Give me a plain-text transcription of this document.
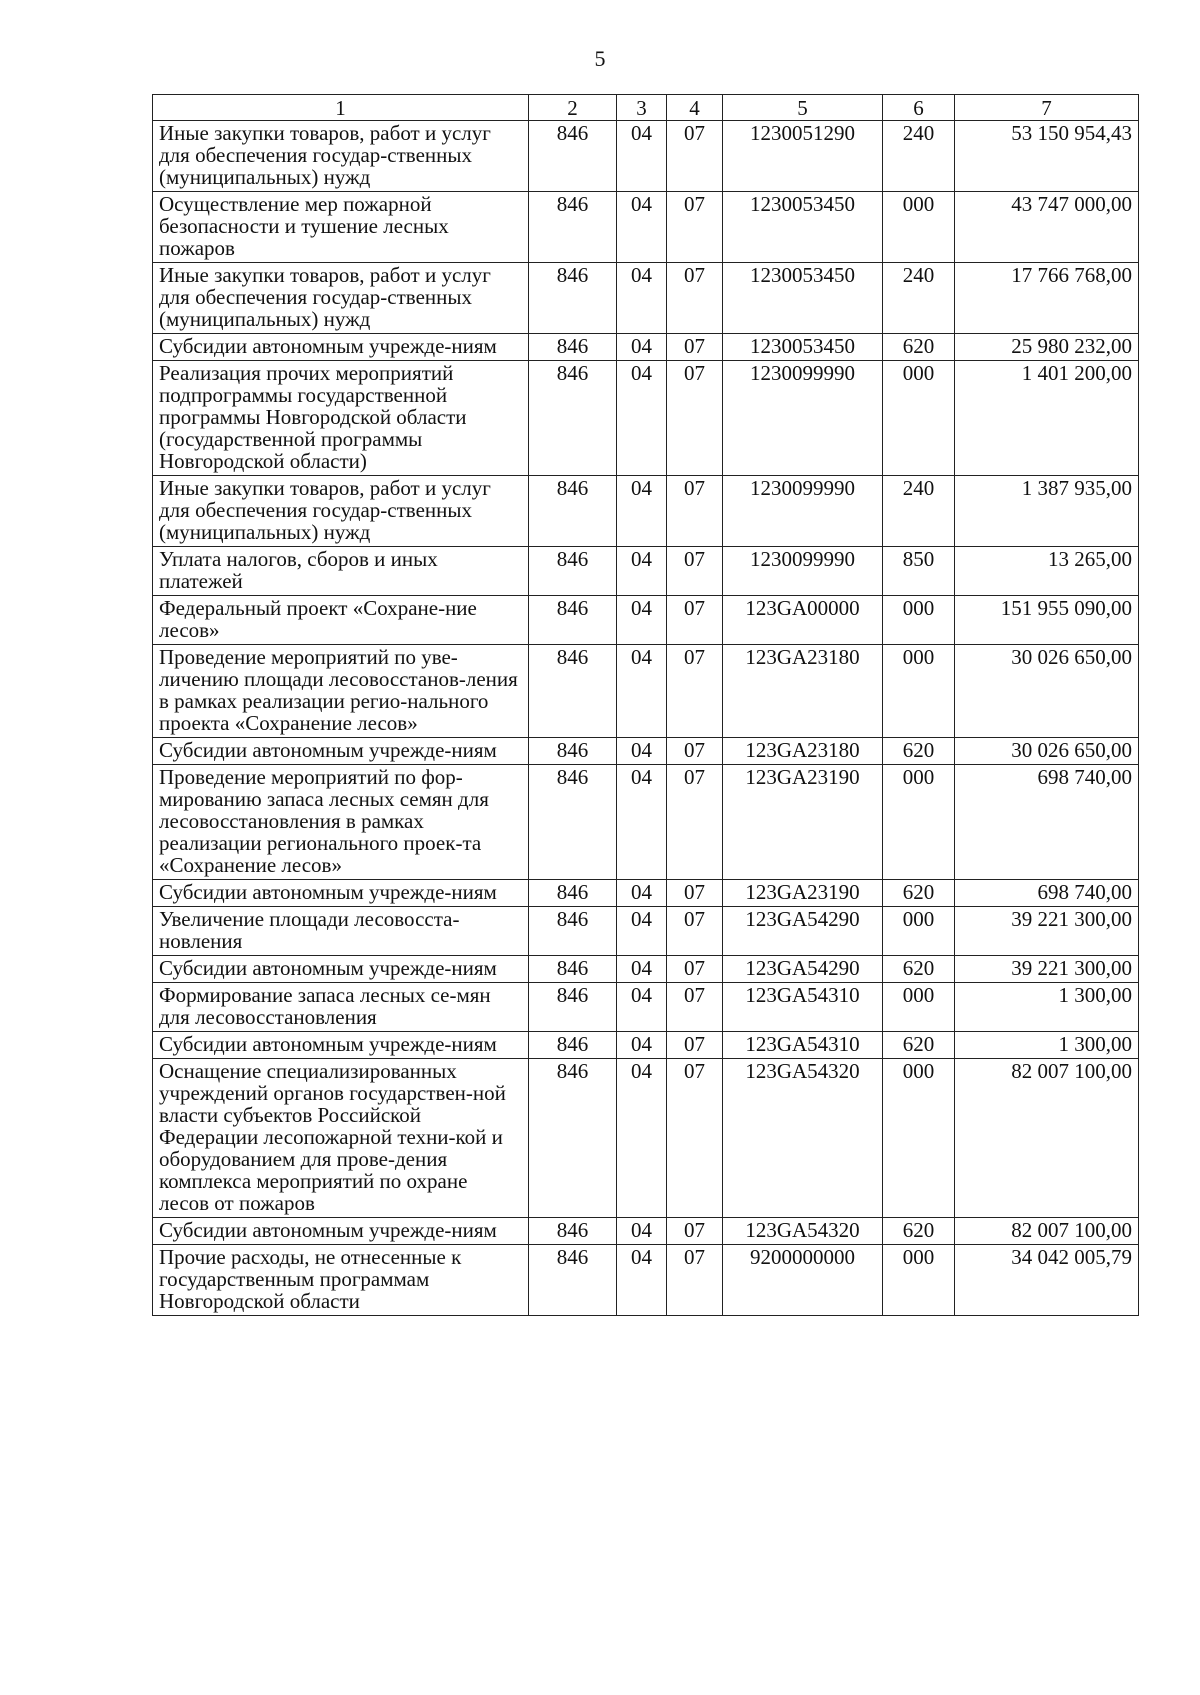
5
1	2	3	4	5	6	7
Иные закупки товаров, работ и услуг для обеспечения государ-ственных (муниципальных) нужд	846	04	07	1230051290	240	53 150 954,43
Осуществление мер пожарной безопасности и тушение лесных пожаров	846	04	07	1230053450	000	43 747 000,00
Иные закупки товаров, работ и услуг для обеспечения государ-ственных (муниципальных) нужд	846	04	07	1230053450	240	17 766 768,00
Субсидии автономным учрежде-ниям	846	04	07	1230053450	620	25 980 232,00
Реализация прочих мероприятий подпрограммы государственной программы Новгородской области (государственной программы Новгородской области)	846	04	07	1230099990	000	1 401 200,00
Иные закупки товаров, работ и услуг для обеспечения государ-ственных (муниципальных) нужд	846	04	07	1230099990	240	1 387 935,00
Уплата налогов, сборов и иных платежей	846	04	07	1230099990	850	13 265,00
Федеральный проект «Сохране-ние лесов»	846	04	07	123GA00000	000	151 955 090,00
Проведение мероприятий по уве-личению площади лесовосстанов-ления в рамках реализации регио-нального проекта «Сохранение лесов»	846	04	07	123GA23180	000	30 026 650,00
Субсидии автономным учрежде-ниям	846	04	07	123GA23180	620	30 026 650,00
Проведение мероприятий по фор-мированию запаса лесных семян для лесовосстановления в рамках реализации регионального проек-та «Сохранение лесов»	846	04	07	123GA23190	000	698 740,00
Субсидии автономным учрежде-ниям	846	04	07	123GA23190	620	698 740,00
Увеличение площади лесовосста-новления	846	04	07	123GA54290	000	39 221 300,00
Субсидии автономным учрежде-ниям	846	04	07	123GA54290	620	39 221 300,00
Формирование запаса лесных се-мян для лесовосстановления	846	04	07	123GA54310	000	1 300,00
Субсидии автономным учрежде-ниям	846	04	07	123GA54310	620	1 300,00
Оснащение специализированных учреждений органов государствен-ной власти субъектов Российской Федерации лесопожарной техни-кой и оборудованием для прове-дения комплекса мероприятий по охране лесов от пожаров	846	04	07	123GA54320	000	82 007 100,00
Субсидии автономным учрежде-ниям	846	04	07	123GA54320	620	82 007 100,00
Прочие расходы, не отнесенные к государственным программам Новгородской области	846	04	07	9200000000	000	34 042 005,79
